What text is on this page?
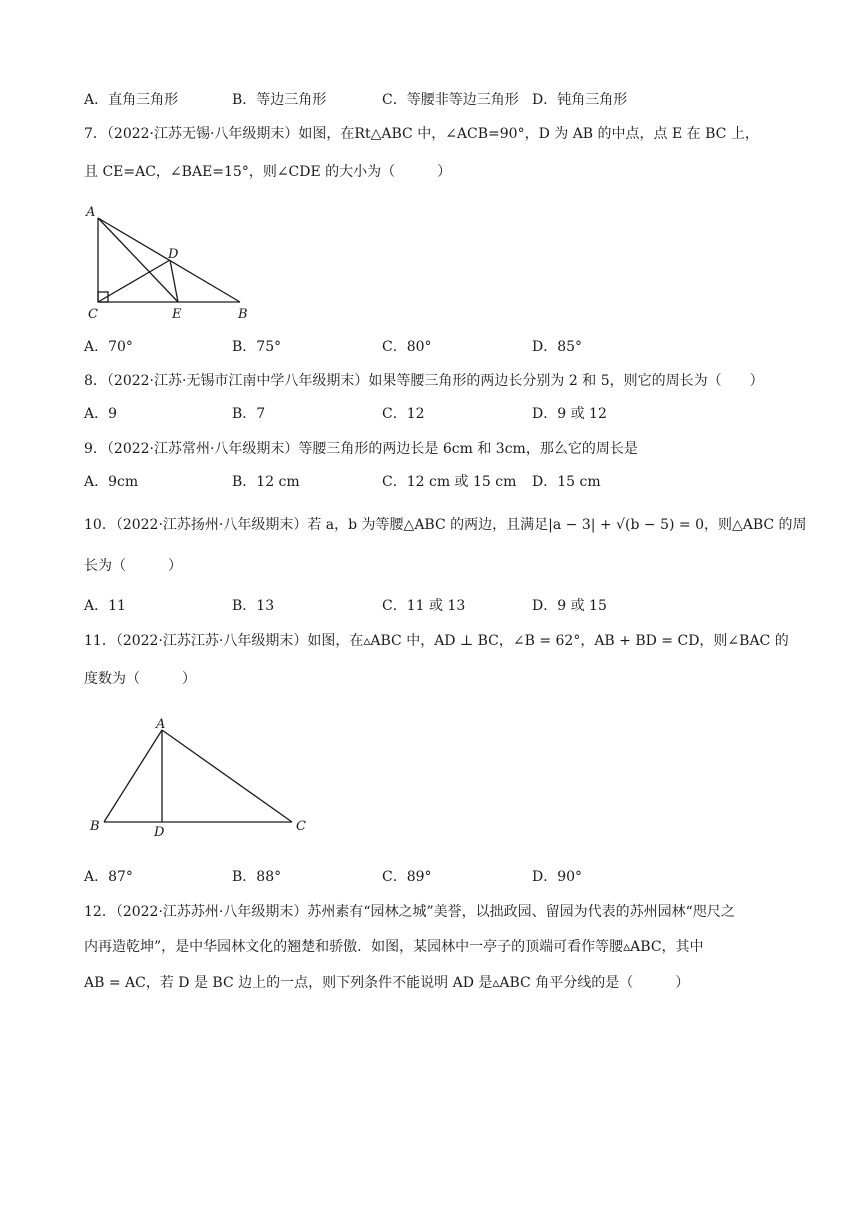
A．直角三角形	B．等边三角形	C．等腰非等边三角形 D．钝角三角形
7．（2022·江苏无锡·八年级期末）如图，在Rt△ABC 中，∠ACB=90°，D 为 AB 的中点，点 E 在 BC 上，
且 CE=AC，∠BAE=15°，则∠CDE 的大小为（　　　）
A
C	E	B
D
A．70°	B．75°	C．80°	D．85°
8．（2022·江苏·无锡市江南中学八年级期末）如果等腰三角形的两边长分别为 2 和 5，则它的周长为（　　）
A．9	B．7	C．12	D．9 或 12
9．（2022·江苏常州·八年级期末）等腰三角形的两边长是 6cm 和 3cm，那么它的周长是
A．9cm	B．12 cm	C．12 cm 或 15 cm D．15 cm
10．（2022·江苏扬州·八年级期末）若 a，b 为等腰△ABC 的两边，且满足|a − 3| + √(b − 5) = 0，则△ABC 的周
长为（　　　）
A．11	B．13	C．11 或 13	D．9 或 15
11．（2022·江苏江苏·八年级期末）如图，在▵ABC 中，AD ⊥ BC，∠B = 62°，AB + BD = CD，则∠BAC 的
度数为（　　　）
A
B	D	C
A．87°	B．88°	C．89°	D．90°
12．（2022·江苏苏州·八年级期末）苏州素有“园林之城”美誉，以拙政园、留园为代表的苏州园林“咫尺之
内再造乾坤”，是中华园林文化的翘楚和骄傲．如图，某园林中一亭子的顶端可看作等腰▵ABC，其中
AB = AC，若 D 是 BC 边上的一点，则下列条件不能说明 AD 是▵ABC 角平分线的是（　　　）
